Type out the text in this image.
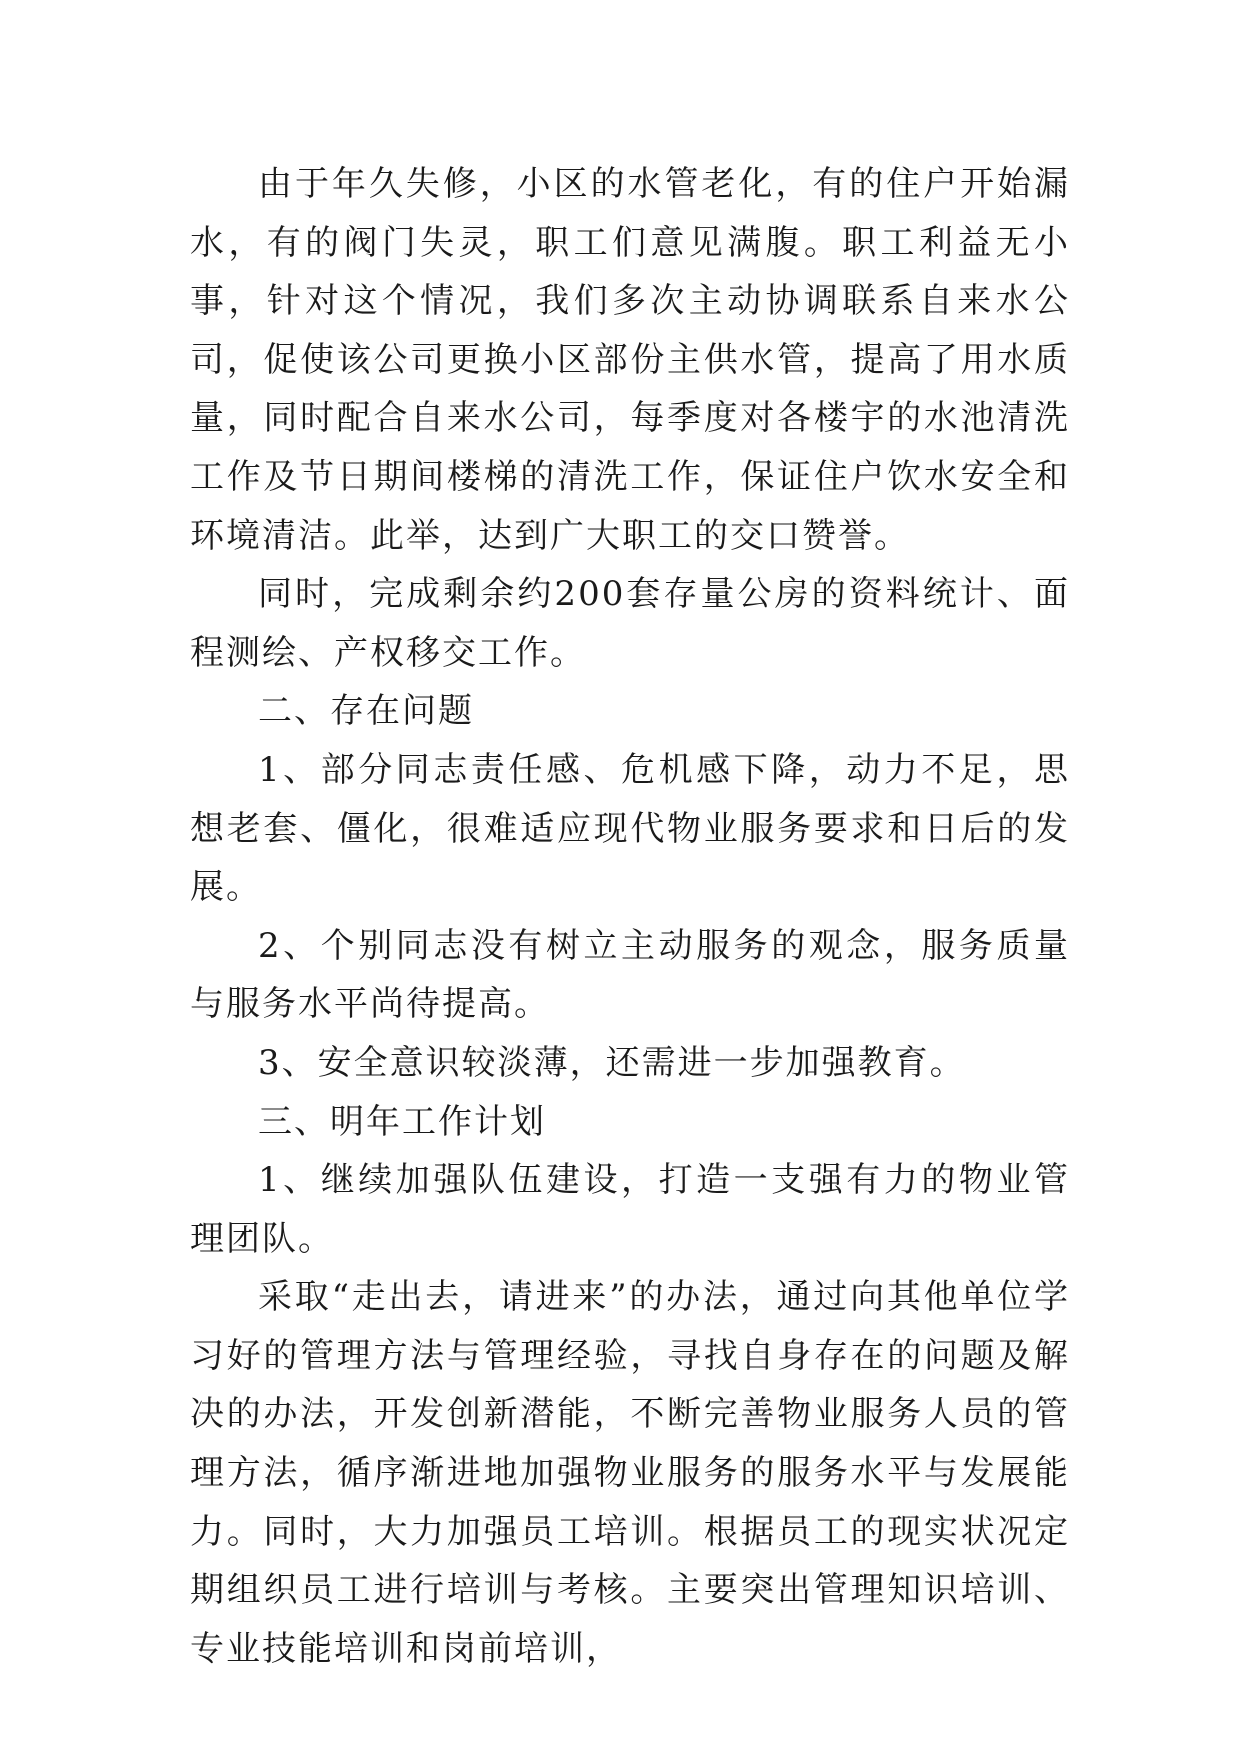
由于年久失修，小区的水管老化，有的住户开始漏水，有的阀门失灵，职工们意见满腹。职工利益无小事，针对这个情况，我们多次主动协调联系自来水公司，促使该公司更换小区部份主供水管，提高了用水质量，同时配合自来水公司，每季度对各楼宇的水池清洗工作及节日期间楼梯的清洗工作，保证住户饮水安全和环境清洁。此举，达到广大职工的交口赞誉。

同时，完成剩余约200套存量公房的资料统计、面程测绘、产权移交工作。

二、存在问题

1、部分同志责任感、危机感下降，动力不足，思想老套、僵化，很难适应现代物业服务要求和日后的发展。

2、个别同志没有树立主动服务的观念，服务质量与服务水平尚待提高。

3、安全意识较淡薄，还需进一步加强教育。

三、明年工作计划

1、继续加强队伍建设，打造一支强有力的物业管理团队。

采取“走出去，请进来”的办法，通过向其他单位学习好的管理方法与管理经验，寻找自身存在的问题及解决的办法，开发创新潜能，不断完善物业服务人员的管理方法，循序渐进地加强物业服务的服务水平与发展能力。同时，大力加强员工培训。根据员工的现实状况定期组织员工进行培训与考核。主要突出管理知识培训、专业技能培训和岗前培训，
